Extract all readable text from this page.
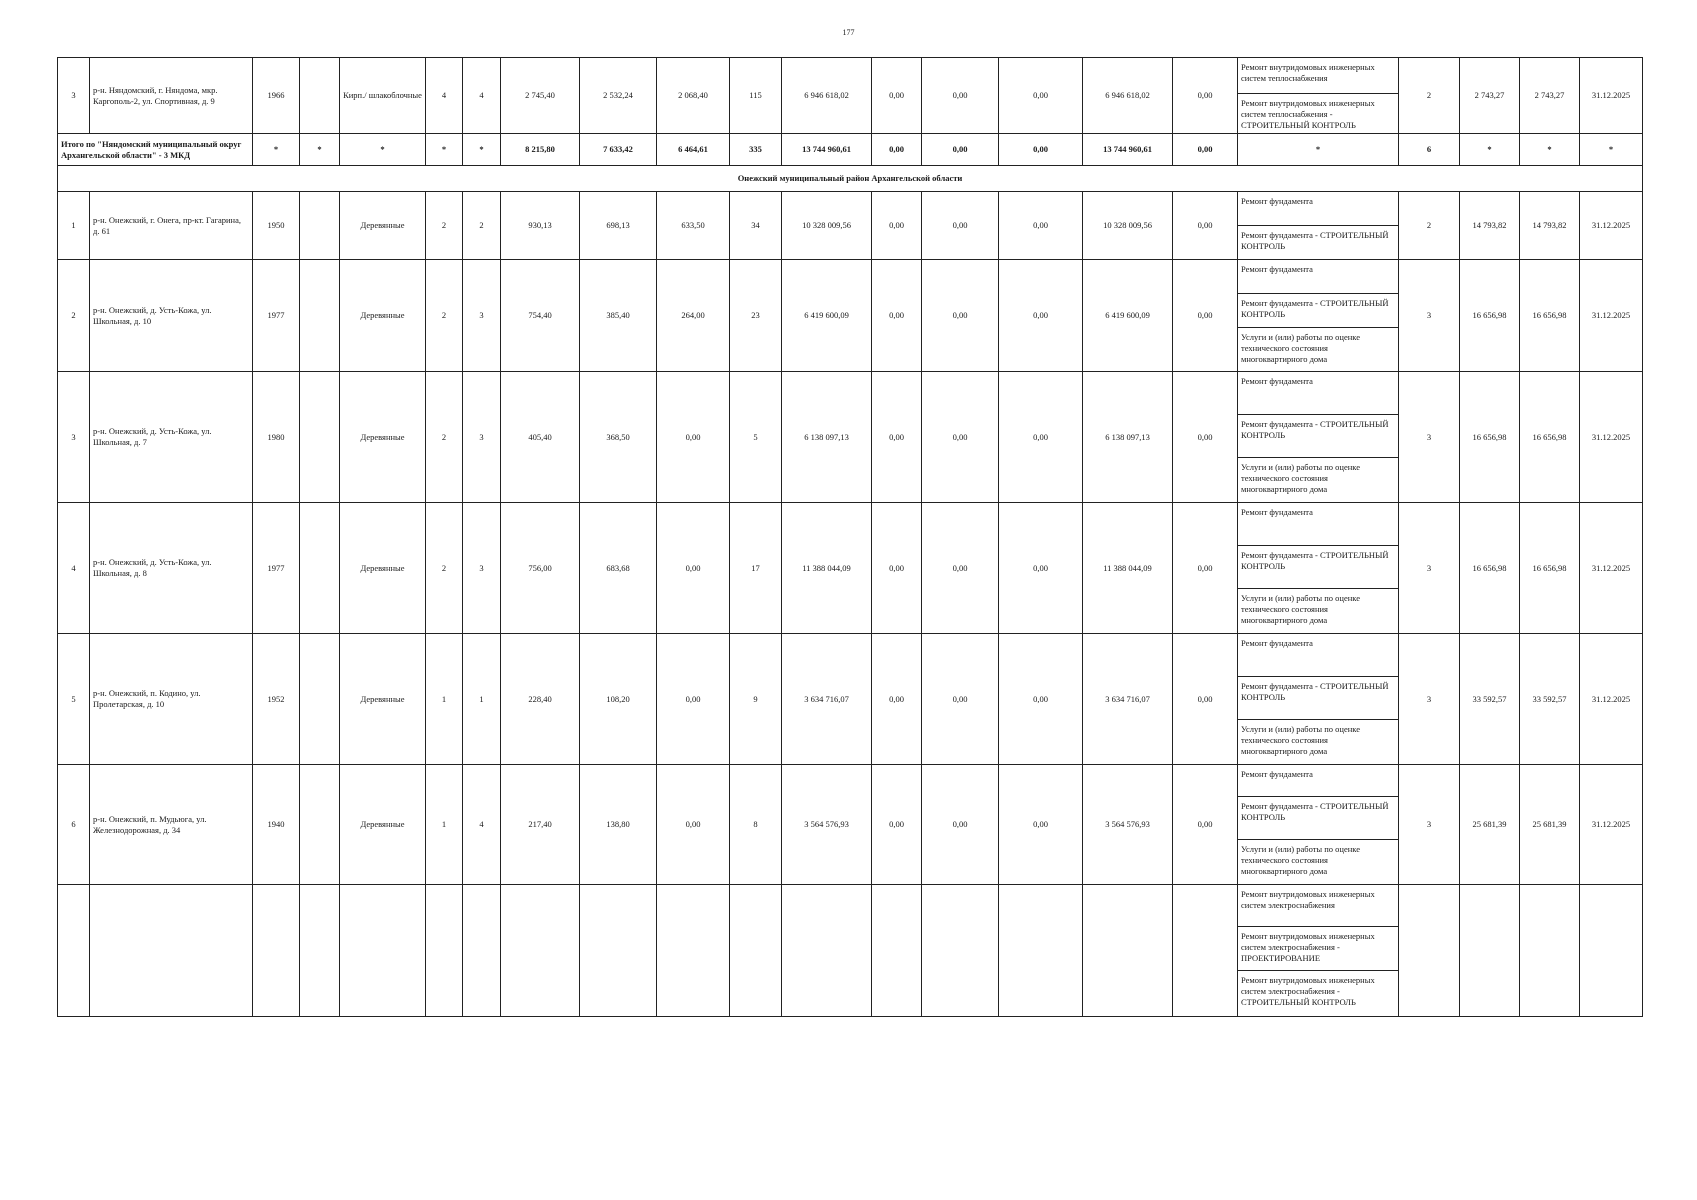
177
3	р-н. Няндомский, г. Няндома, мкр. Каргополь-2, ул. Спортивная, д. 9	1966		Кирп./ шлакоблочные	4	4	2 745,40	2 532,24	2 068,40	115	6 946 618,02	0,00	0,00	0,00	6 946 618,02	0,00	Ремонт внутридомовых инженерных систем теплоснабжения	2	2 743,27	2 743,27	31.12.2025
																	Ремонт внутридомовых инженерных систем теплоснабжения - СТРОИТЕЛЬНЫЙ КОНТРОЛЬ				
Итого по "Няндомский муниципальный округ Архангельской области" - 3 МКД		*	*	*	*	*	8 215,80	7 633,42	6 464,61	335	13 744 960,61	0,00	0,00	0,00	13 744 960,61	0,00	*	6	*	*	*
Онежский муниципальный район Архангельской области																					
1	р-н. Онежский, г. Онега, пр-кт. Гагарина, д. 61	1950		Деревянные	2	2	930,13	698,13	633,50	34	10 328 009,56	0,00	0,00	0,00	10 328 009,56	0,00	Ремонт фундамента	2	14 793,82	14 793,82	31.12.2025
																	Ремонт фундамента - СТРОИТЕЛЬНЫЙ КОНТРОЛЬ				
2	р-н. Онежский, д. Усть-Кожа, ул. Школьная, д. 10	1977		Деревянные	2	3	754,40	385,40	264,00	23	6 419 600,09	0,00	0,00	0,00	6 419 600,09	0,00	Ремонт фундамента	3	16 656,98	16 656,98	31.12.2025
																	Ремонт фундамента - СТРОИТЕЛЬНЫЙ КОНТРОЛЬ				
																	Услуги и (или) работы по оценке технического состояния многоквартирного дома				
3	р-н. Онежский, д. Усть-Кожа, ул. Школьная, д. 7	1980		Деревянные	2	3	405,40	368,50	0,00	5	6 138 097,13	0,00	0,00	0,00	6 138 097,13	0,00	Ремонт фундамента	3	16 656,98	16 656,98	31.12.2025
																	Ремонт фундамента - СТРОИТЕЛЬНЫЙ КОНТРОЛЬ				
																	Услуги и (или) работы по оценке технического состояния многоквартирного дома				
4	р-н. Онежский, д. Усть-Кожа, ул. Школьная, д. 8	1977		Деревянные	2	3	756,00	683,68	0,00	17	11 388 044,09	0,00	0,00	0,00	11 388 044,09	0,00	Ремонт фундамента	3	16 656,98	16 656,98	31.12.2025
																	Ремонт фундамента - СТРОИТЕЛЬНЫЙ КОНТРОЛЬ				
																	Услуги и (или) работы по оценке технического состояния многоквартирного дома				
5	р-н. Онежский, п. Кодино, ул. Пролетарская, д. 10	1952		Деревянные	1	1	228,40	108,20	0,00	9	3 634 716,07	0,00	0,00	0,00	3 634 716,07	0,00	Ремонт фундамента	3	33 592,57	33 592,57	31.12.2025
																	Ремонт фундамента - СТРОИТЕЛЬНЫЙ КОНТРОЛЬ				
																	Услуги и (или) работы по оценке технического состояния многоквартирного дома				
6	р-н. Онежский, п. Мудьюга, ул. Железнодорожная, д. 34	1940		Деревянные	1	4	217,40	138,80	0,00	8	3 564 576,93	0,00	0,00	0,00	3 564 576,93	0,00	Ремонт фундамента	3	25 681,39	25 681,39	31.12.2025
																	Ремонт фундамента - СТРОИТЕЛЬНЫЙ КОНТРОЛЬ				
																	Услуги и (или) работы по оценке технического состояния многоквартирного дома				
																	Ремонт внутридомовых инженерных систем электроснабжения				
																	Ремонт внутридомовых инженерных систем электроснабжения - ПРОЕКТИРОВАНИЕ				
																	Ремонт внутридомовых инженерных систем электроснабжения - СТРОИТЕЛЬНЫЙ КОНТРОЛЬ				
